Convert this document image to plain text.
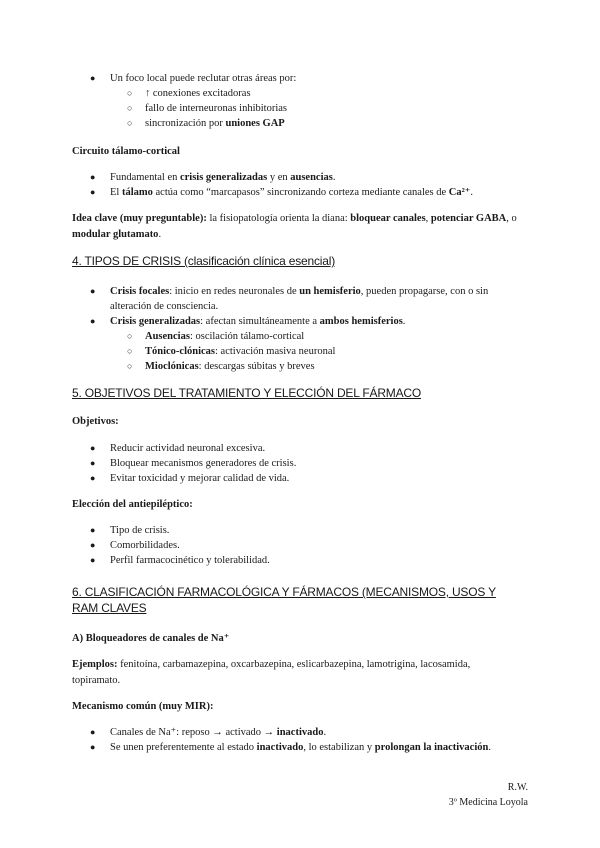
● Un foco local puede reclutar otras áreas por:
○ ↑ conexiones excitadoras
○ fallo de interneuronas inhibitorias
○ sincronización por uniones GAP
Circuito tálamo-cortical
● Fundamental en crisis generalizadas y en ausencias.
● El tálamo actúa como “marcapasos” sincronizando corteza mediante canales de Ca²⁺.
Idea clave (muy preguntable): la fisiopatología orienta la diana: bloquear canales, potenciar GABA, o modular glutamato.
4. TIPOS DE CRISIS (clasificación clínica esencial)
● Crisis focales: inicio en redes neuronales de un hemisferio, pueden propagarse, con o sin
alteración de consciencia.
● Crisis generalizadas: afectan simultáneamente a ambos hemisferios.
○ Ausencias: oscilación tálamo-cortical
○ Tónico-clónicas: activación masiva neuronal
○ Mioclónicas: descargas súbitas y breves
5. OBJETIVOS DEL TRATAMIENTO Y ELECCIÓN DEL FÁRMACO
Objetivos:
● Reducir actividad neuronal excesiva.
● Bloquear mecanismos generadores de crisis.
● Evitar toxicidad y mejorar calidad de vida.
Elección del antiepiléptico:
● Tipo de crisis.
● Comorbilidades.
● Perfil farmacocinético y tolerabilidad.
6. CLASIFICACIÓN FARMACOLÓGICA Y FÁRMACOS (MECANISMOS, USOS Y
RAM CLAVES
A) Bloqueadores de canales de Na⁺
Ejemplos: fenitoína, carbamazepina, oxcarbazepina, eslicarbazepina, lamotrigina, lacosamida,
topiramato.
Mecanismo común (muy MIR):
● Canales de Na⁺: reposo → activado → inactivado.
● Se unen preferentemente al estado inactivado, lo estabilizan y prolongan la inactivación.
R.W.
3º Medicina Loyola
